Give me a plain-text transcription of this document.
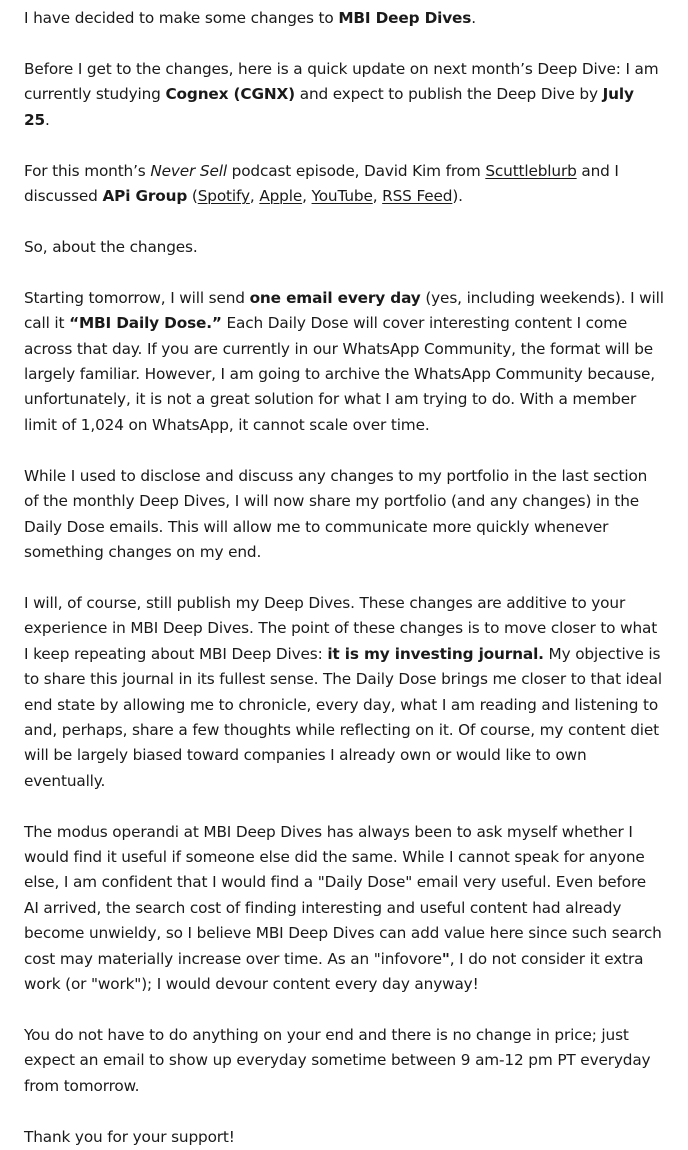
I have decided to make some changes to MBI Deep Dives.

Before I get to the changes, here is a quick update on next month’s Deep Dive: I am currently studying Cognex (CGNX) and expect to publish the Deep Dive by July 25.

For this month’s Never Sell podcast episode, David Kim from Scuttleblurb and I discussed APi Group (Spotify, Apple, YouTube, RSS Feed).

So, about the changes.

Starting tomorrow, I will send one email every day (yes, including weekends). I will call it “MBI Daily Dose.” Each Daily Dose will cover interesting content I come across that day. If you are currently in our WhatsApp Community, the format will be largely familiar. However, I am going to archive the WhatsApp Community because, unfortunately, it is not a great solution for what I am trying to do. With a member limit of 1,024 on WhatsApp, it cannot scale over time.

While I used to disclose and discuss any changes to my portfolio in the last section of the monthly Deep Dives, I will now share my portfolio (and any changes) in the Daily Dose emails. This will allow me to communicate more quickly whenever something changes on my end.

I will, of course, still publish my Deep Dives. These changes are additive to your experience in MBI Deep Dives. The point of these changes is to move closer to what I keep repeating about MBI Deep Dives: it is my investing journal. My objective is to share this journal in its fullest sense. The Daily Dose brings me closer to that ideal end state by allowing me to chronicle, every day, what I am reading and listening to and, perhaps, share a few thoughts while reflecting on it. Of course, my content diet will be largely biased toward companies I already own or would like to own eventually.

The modus operandi at MBI Deep Dives has always been to ask myself whether I would find it useful if someone else did the same. While I cannot speak for anyone else, I am confident that I would find a "Daily Dose" email very useful. Even before AI arrived, the search cost of finding interesting and useful content had already become unwieldy, so I believe MBI Deep Dives can add value here since such search cost may materially increase over time. As an "infovore", I do not consider it extra work (or "work"); I would devour content every day anyway!

You do not have to do anything on your end and there is no change in price; just expect an email to show up everyday sometime between 9 am-12 pm PT everyday from tomorrow.

Thank you for your support!
